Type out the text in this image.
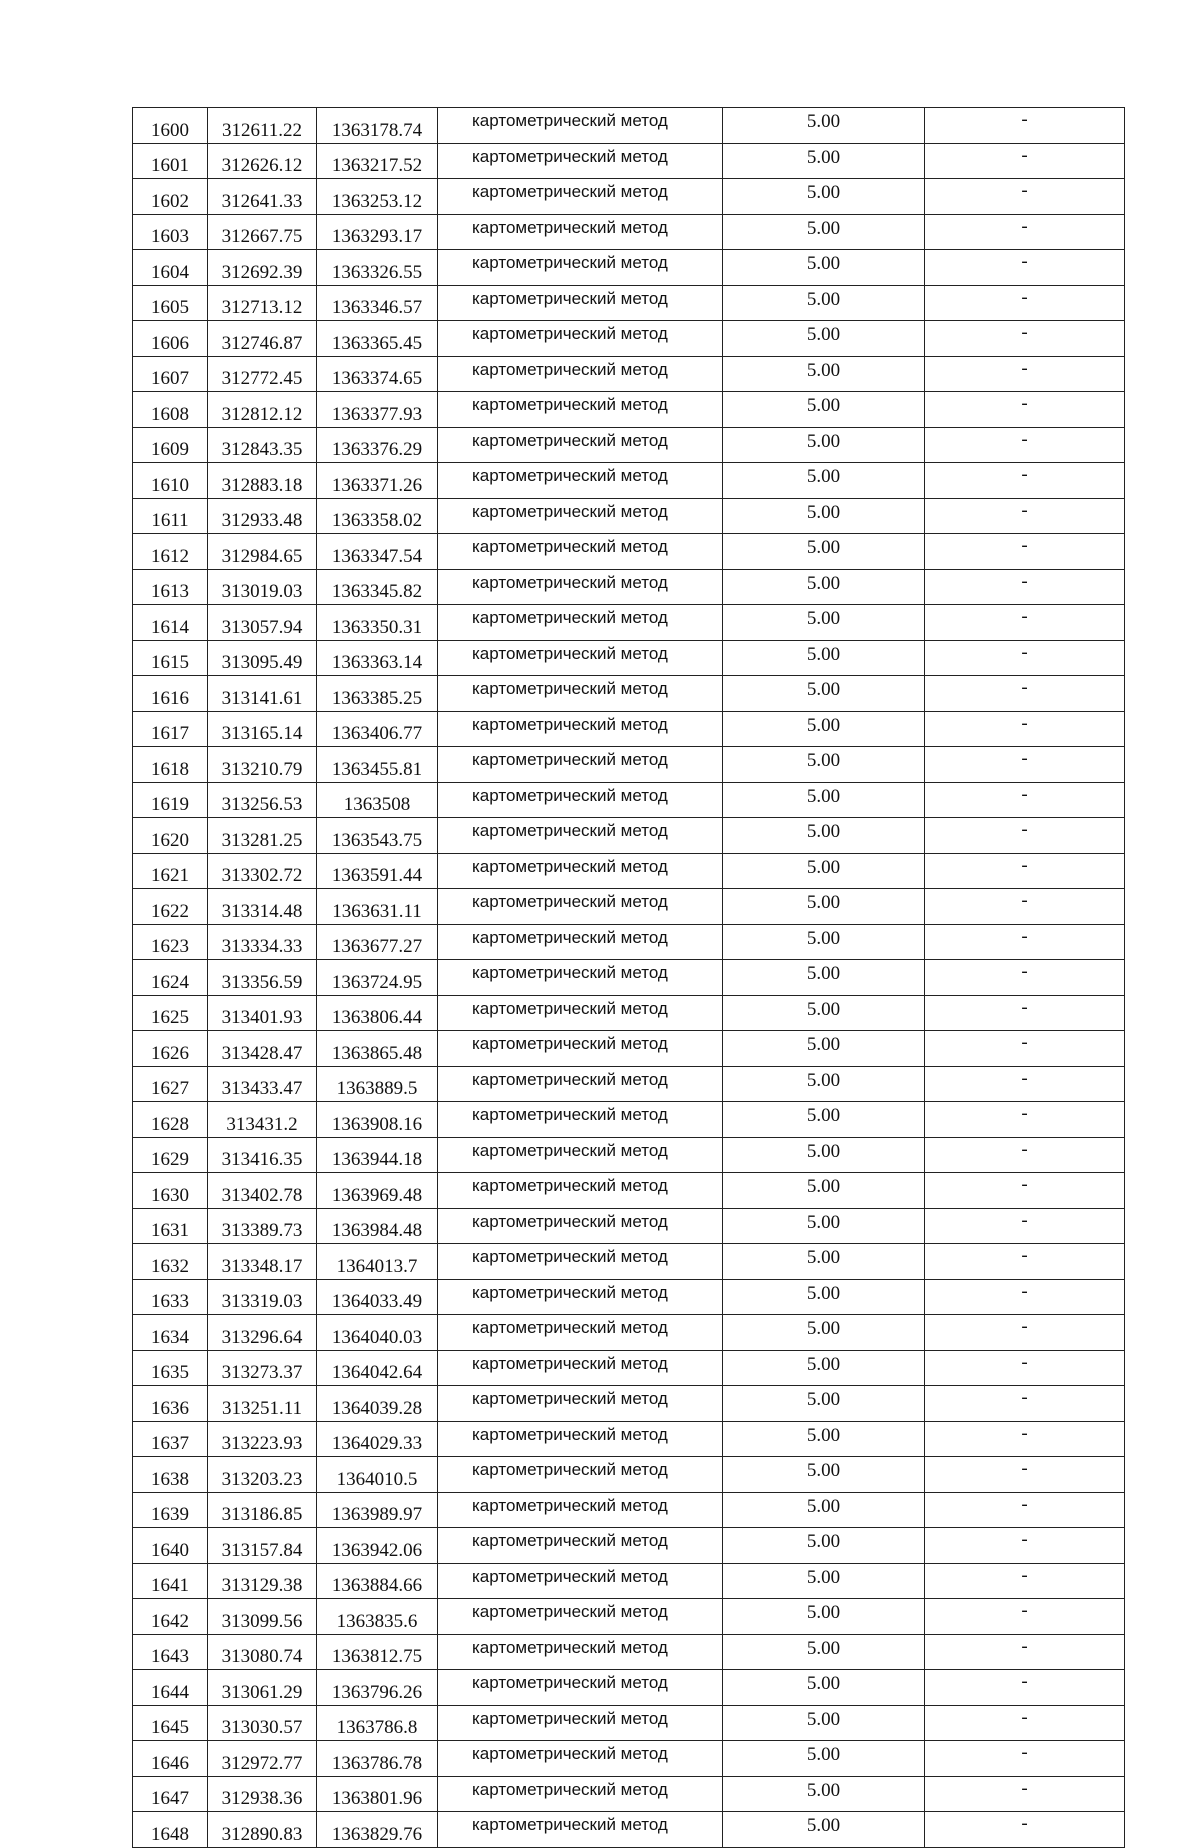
1600	312611.22	1363178.74	картометрический метод	5.00	-
1601	312626.12	1363217.52	картометрический метод	5.00	-
1602	312641.33	1363253.12	картометрический метод	5.00	-
1603	312667.75	1363293.17	картометрический метод	5.00	-
1604	312692.39	1363326.55	картометрический метод	5.00	-
1605	312713.12	1363346.57	картометрический метод	5.00	-
1606	312746.87	1363365.45	картометрический метод	5.00	-
1607	312772.45	1363374.65	картометрический метод	5.00	-
1608	312812.12	1363377.93	картометрический метод	5.00	-
1609	312843.35	1363376.29	картометрический метод	5.00	-
1610	312883.18	1363371.26	картометрический метод	5.00	-
1611	312933.48	1363358.02	картометрический метод	5.00	-
1612	312984.65	1363347.54	картометрический метод	5.00	-
1613	313019.03	1363345.82	картометрический метод	5.00	-
1614	313057.94	1363350.31	картометрический метод	5.00	-
1615	313095.49	1363363.14	картометрический метод	5.00	-
1616	313141.61	1363385.25	картометрический метод	5.00	-
1617	313165.14	1363406.77	картометрический метод	5.00	-
1618	313210.79	1363455.81	картометрический метод	5.00	-
1619	313256.53	1363508	картометрический метод	5.00	-
1620	313281.25	1363543.75	картометрический метод	5.00	-
1621	313302.72	1363591.44	картометрический метод	5.00	-
1622	313314.48	1363631.11	картометрический метод	5.00	-
1623	313334.33	1363677.27	картометрический метод	5.00	-
1624	313356.59	1363724.95	картометрический метод	5.00	-
1625	313401.93	1363806.44	картометрический метод	5.00	-
1626	313428.47	1363865.48	картометрический метод	5.00	-
1627	313433.47	1363889.5	картометрический метод	5.00	-
1628	313431.2	1363908.16	картометрический метод	5.00	-
1629	313416.35	1363944.18	картометрический метод	5.00	-
1630	313402.78	1363969.48	картометрический метод	5.00	-
1631	313389.73	1363984.48	картометрический метод	5.00	-
1632	313348.17	1364013.7	картометрический метод	5.00	-
1633	313319.03	1364033.49	картометрический метод	5.00	-
1634	313296.64	1364040.03	картометрический метод	5.00	-
1635	313273.37	1364042.64	картометрический метод	5.00	-
1636	313251.11	1364039.28	картометрический метод	5.00	-
1637	313223.93	1364029.33	картометрический метод	5.00	-
1638	313203.23	1364010.5	картометрический метод	5.00	-
1639	313186.85	1363989.97	картометрический метод	5.00	-
1640	313157.84	1363942.06	картометрический метод	5.00	-
1641	313129.38	1363884.66	картометрический метод	5.00	-
1642	313099.56	1363835.6	картометрический метод	5.00	-
1643	313080.74	1363812.75	картометрический метод	5.00	-
1644	313061.29	1363796.26	картометрический метод	5.00	-
1645	313030.57	1363786.8	картометрический метод	5.00	-
1646	312972.77	1363786.78	картометрический метод	5.00	-
1647	312938.36	1363801.96	картометрический метод	5.00	-
1648	312890.83	1363829.76	картометрический метод	5.00	-
